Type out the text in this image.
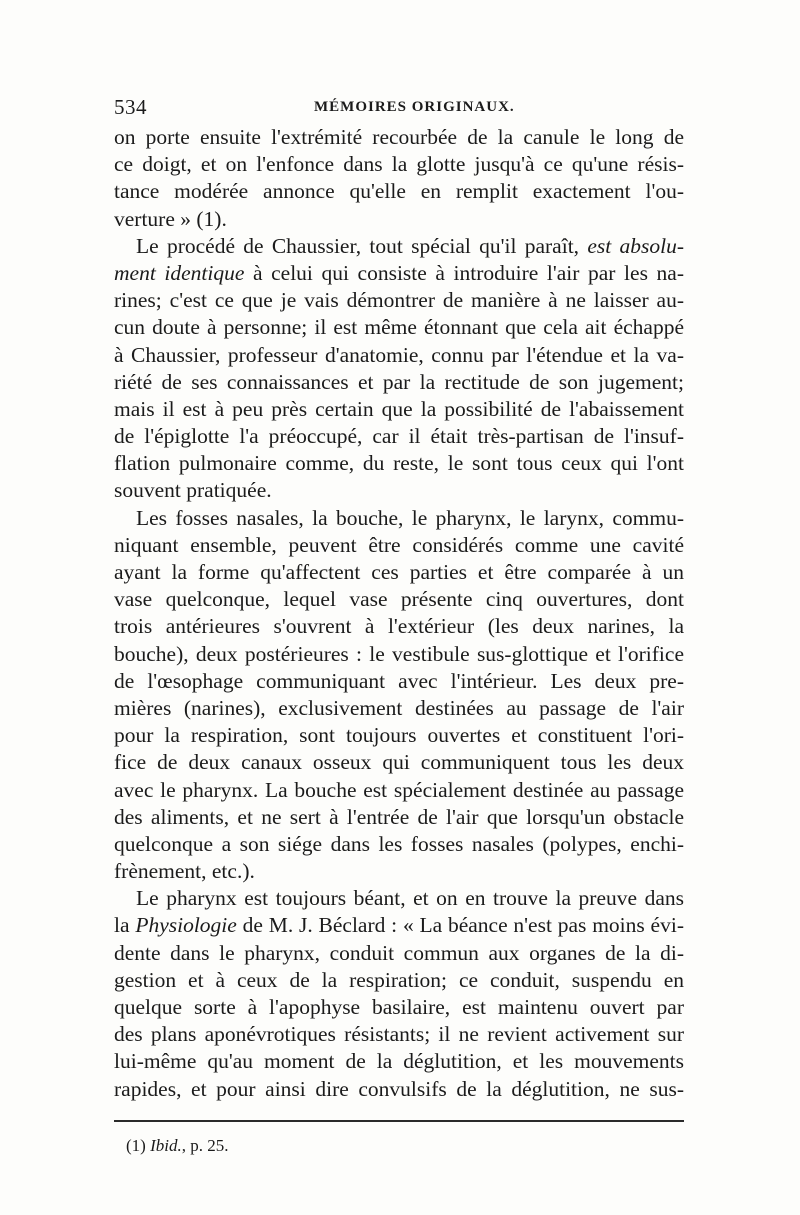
534	MÉMOIRES ORIGINAUX.
on porte ensuite l'extrémité recourbée de la canule le long de
ce doigt, et on l'enfonce dans la glotte jusqu'à ce qu'une résis-
tance modérée annonce qu'elle en remplit exactement l'ou-
verture » (1).
Le procédé de Chaussier, tout spécial qu'il paraît, est absolu-
ment identique à celui qui consiste à introduire l'air par les na-
rines; c'est ce que je vais démontrer de manière à ne laisser au-
cun doute à personne; il est même étonnant que cela ait échappé
à Chaussier, professeur d'anatomie, connu par l'étendue et la va-
riété de ses connaissances et par la rectitude de son jugement;
mais il est à peu près certain que la possibilité de l'abaissement
de l'épiglotte l'a préoccupé, car il était très-partisan de l'insuf-
flation pulmonaire comme, du reste, le sont tous ceux qui l'ont
souvent pratiquée.
Les fosses nasales, la bouche, le pharynx, le larynx, commu-
niquant ensemble, peuvent être considérés comme une cavité
ayant la forme qu'affectent ces parties et être comparée à un
vase quelconque, lequel vase présente cinq ouvertures, dont
trois antérieures s'ouvrent à l'extérieur (les deux narines, la
bouche), deux postérieures : le vestibule sus-glottique et l'orifice
de l'œsophage communiquant avec l'intérieur. Les deux pre-
mières (narines), exclusivement destinées au passage de l'air
pour la respiration, sont toujours ouvertes et constituent l'ori-
fice de deux canaux osseux qui communiquent tous les deux
avec le pharynx. La bouche est spécialement destinée au passage
des aliments, et ne sert à l'entrée de l'air que lorsqu'un obstacle
quelconque a son siége dans les fosses nasales (polypes, enchi-
frènement, etc.).
Le pharynx est toujours béant, et on en trouve la preuve dans
la Physiologie de M. J. Béclard : « La béance n'est pas moins évi-
dente dans le pharynx, conduit commun aux organes de la di-
gestion et à ceux de la respiration; ce conduit, suspendu en
quelque sorte à l'apophyse basilaire, est maintenu ouvert par
des plans aponévrotiques résistants; il ne revient activement sur
lui-même qu'au moment de la déglutition, et les mouvements
rapides, et pour ainsi dire convulsifs de la déglutition, ne sus-
(1) Ibid., p. 25.
